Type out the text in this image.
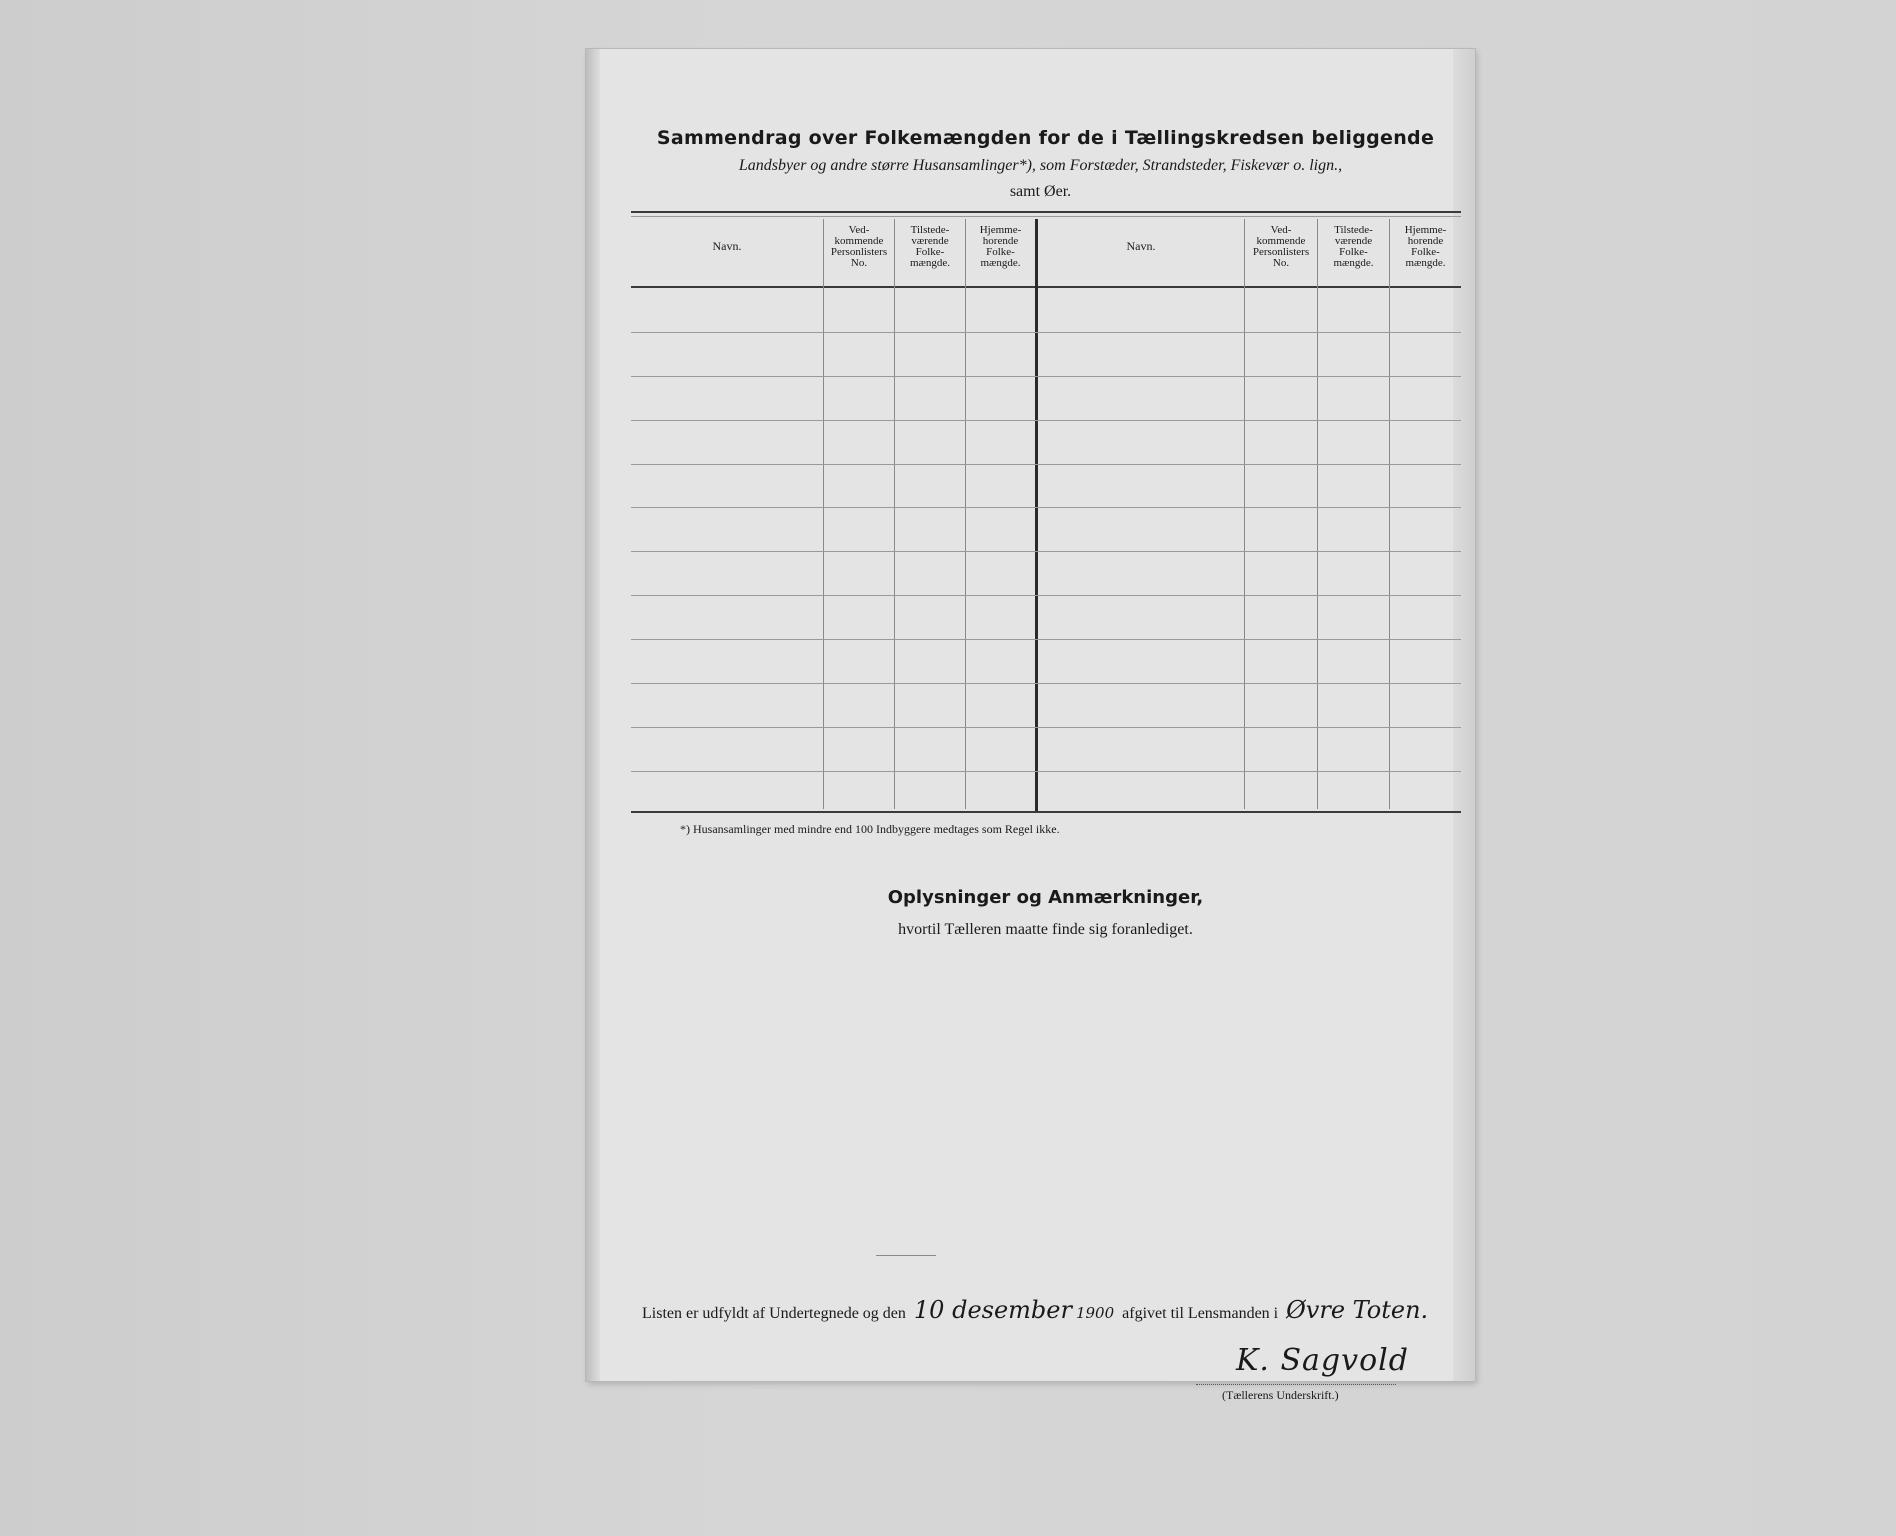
Sammendrag over Folkemængden for de i Tællingskredsen beliggende
Landsbyer og andre større Husansamlinger*), som Forstæder, Strandsteder, Fiskevær o. lign.,
samt Øer.
Navn.
Ved-
kommende
Personlisters
No.
Tilstede-
værende
Folke-
mængde.
Hjemme-
horende
Folke-
mængde.
Navn.
Ved-
kommende
Personlisters
No.
Tilstede-
værende
Folke-
mængde.
Hjemme-
horende
Folke-
mængde.
*) Husansamlinger med mindre end 100 Indbyggere medtages som Regel ikke.
Oplysninger og Anmærkninger,
hvortil Tælleren maatte finde sig foranlediget.
Listen er udfyldt af Undertegnede og den 10 desember 1900 afgivet til Lensmanden i Øvre Toten.
K. Sagvold
(Tællerens Underskrift.)
